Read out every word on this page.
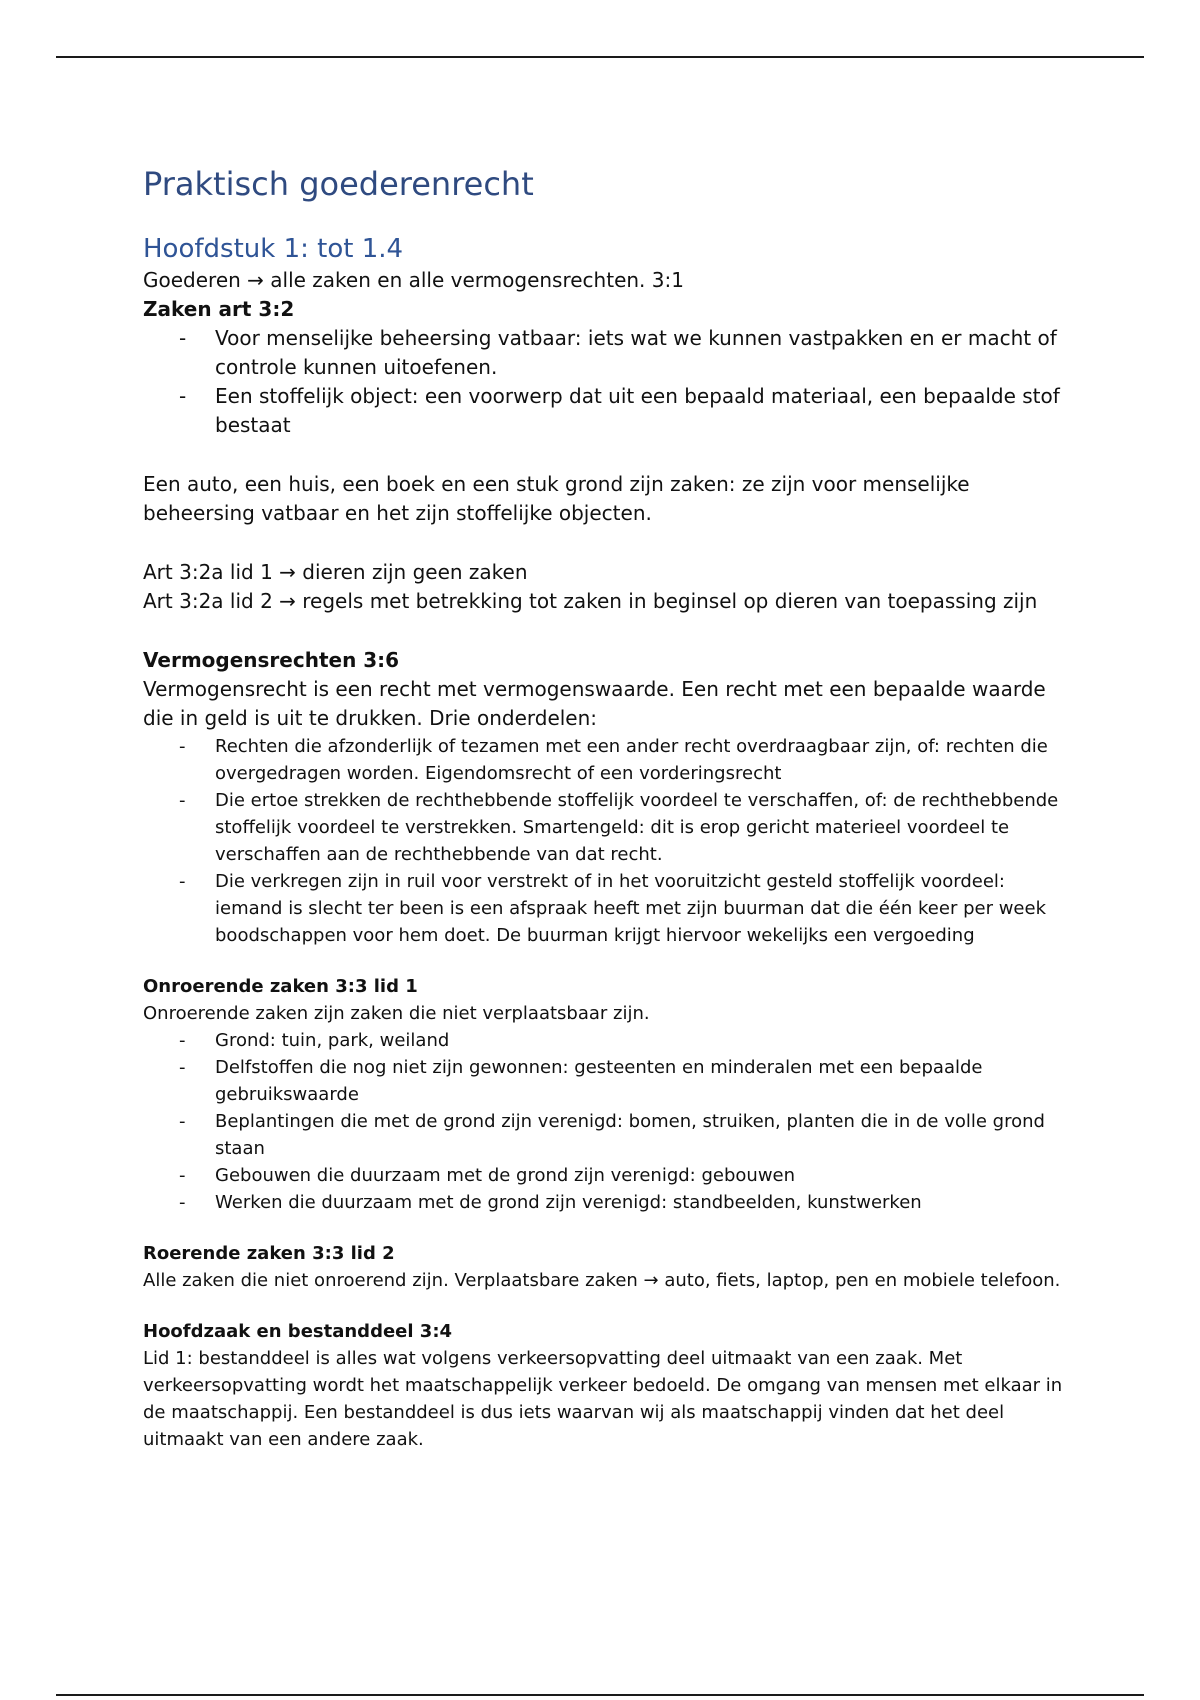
Praktisch goederenrecht
Hoofdstuk 1: tot 1.4

Goederen → alle zaken en alle vermogensrechten. 3:1

Zaken art 3:2

- Voor menselijke beheersing vatbaar: iets wat we kunnen vastpakken en er macht of controle kunnen uitoefenen.
- Een stoffelijk object: een voorwerp dat uit een bepaald materiaal, een bepaalde stof bestaat

Een auto, een huis, een boek en een stuk grond zijn zaken: ze zijn voor menselijke beheersing vatbaar en het zijn stoffelijke objecten.

Art 3:2a lid 1 → dieren zijn geen zaken

Art 3:2a lid 2 → regels met betrekking tot zaken in beginsel op dieren van toepassing zijn

Vermogensrechten 3:6

Vermogensrecht is een recht met vermogenswaarde. Een recht met een bepaalde waarde die in geld is uit te drukken. Drie onderdelen:

- Rechten die afzonderlijk of tezamen met een ander recht overdraagbaar zijn, of: rechten die overgedragen worden. Eigendomsrecht of een vorderingsrecht
- Die ertoe strekken de rechthebbende stoffelijk voordeel te verschaffen, of: de rechthebbende stoffelijk voordeel te verstrekken. Smartengeld: dit is erop gericht materieel voordeel te verschaffen aan de rechthebbende van dat recht.
- Die verkregen zijn in ruil voor verstrekt of in het vooruitzicht gesteld stoffelijk voordeel: iemand is slecht ter been is een afspraak heeft met zijn buurman dat die één keer per week boodschappen voor hem doet. De buurman krijgt hiervoor wekelijks een vergoeding

Onroerende zaken 3:3 lid 1

Onroerende zaken zijn zaken die niet verplaatsbaar zijn.

- Grond: tuin, park, weiland
- Delfstoffen die nog niet zijn gewonnen: gesteenten en minderalen met een bepaalde gebruikswaarde
- Beplantingen die met de grond zijn verenigd: bomen, struiken, planten die in de volle grond staan
- Gebouwen die duurzaam met de grond zijn verenigd: gebouwen
- Werken die duurzaam met de grond zijn verenigd: standbeelden, kunstwerken

Roerende zaken 3:3 lid 2

Alle zaken die niet onroerend zijn. Verplaatsbare zaken → auto, fiets, laptop, pen en mobiele telefoon.

Hoofdzaak en bestanddeel 3:4

Lid 1: bestanddeel is alles wat volgens verkeersopvatting deel uitmaakt van een zaak. Met verkeersopvatting wordt het maatschappelijk verkeer bedoeld. De omgang van mensen met elkaar in de maatschappij. Een bestanddeel is dus iets waarvan wij als maatschappij vinden dat het deel uitmaakt van een andere zaak.
